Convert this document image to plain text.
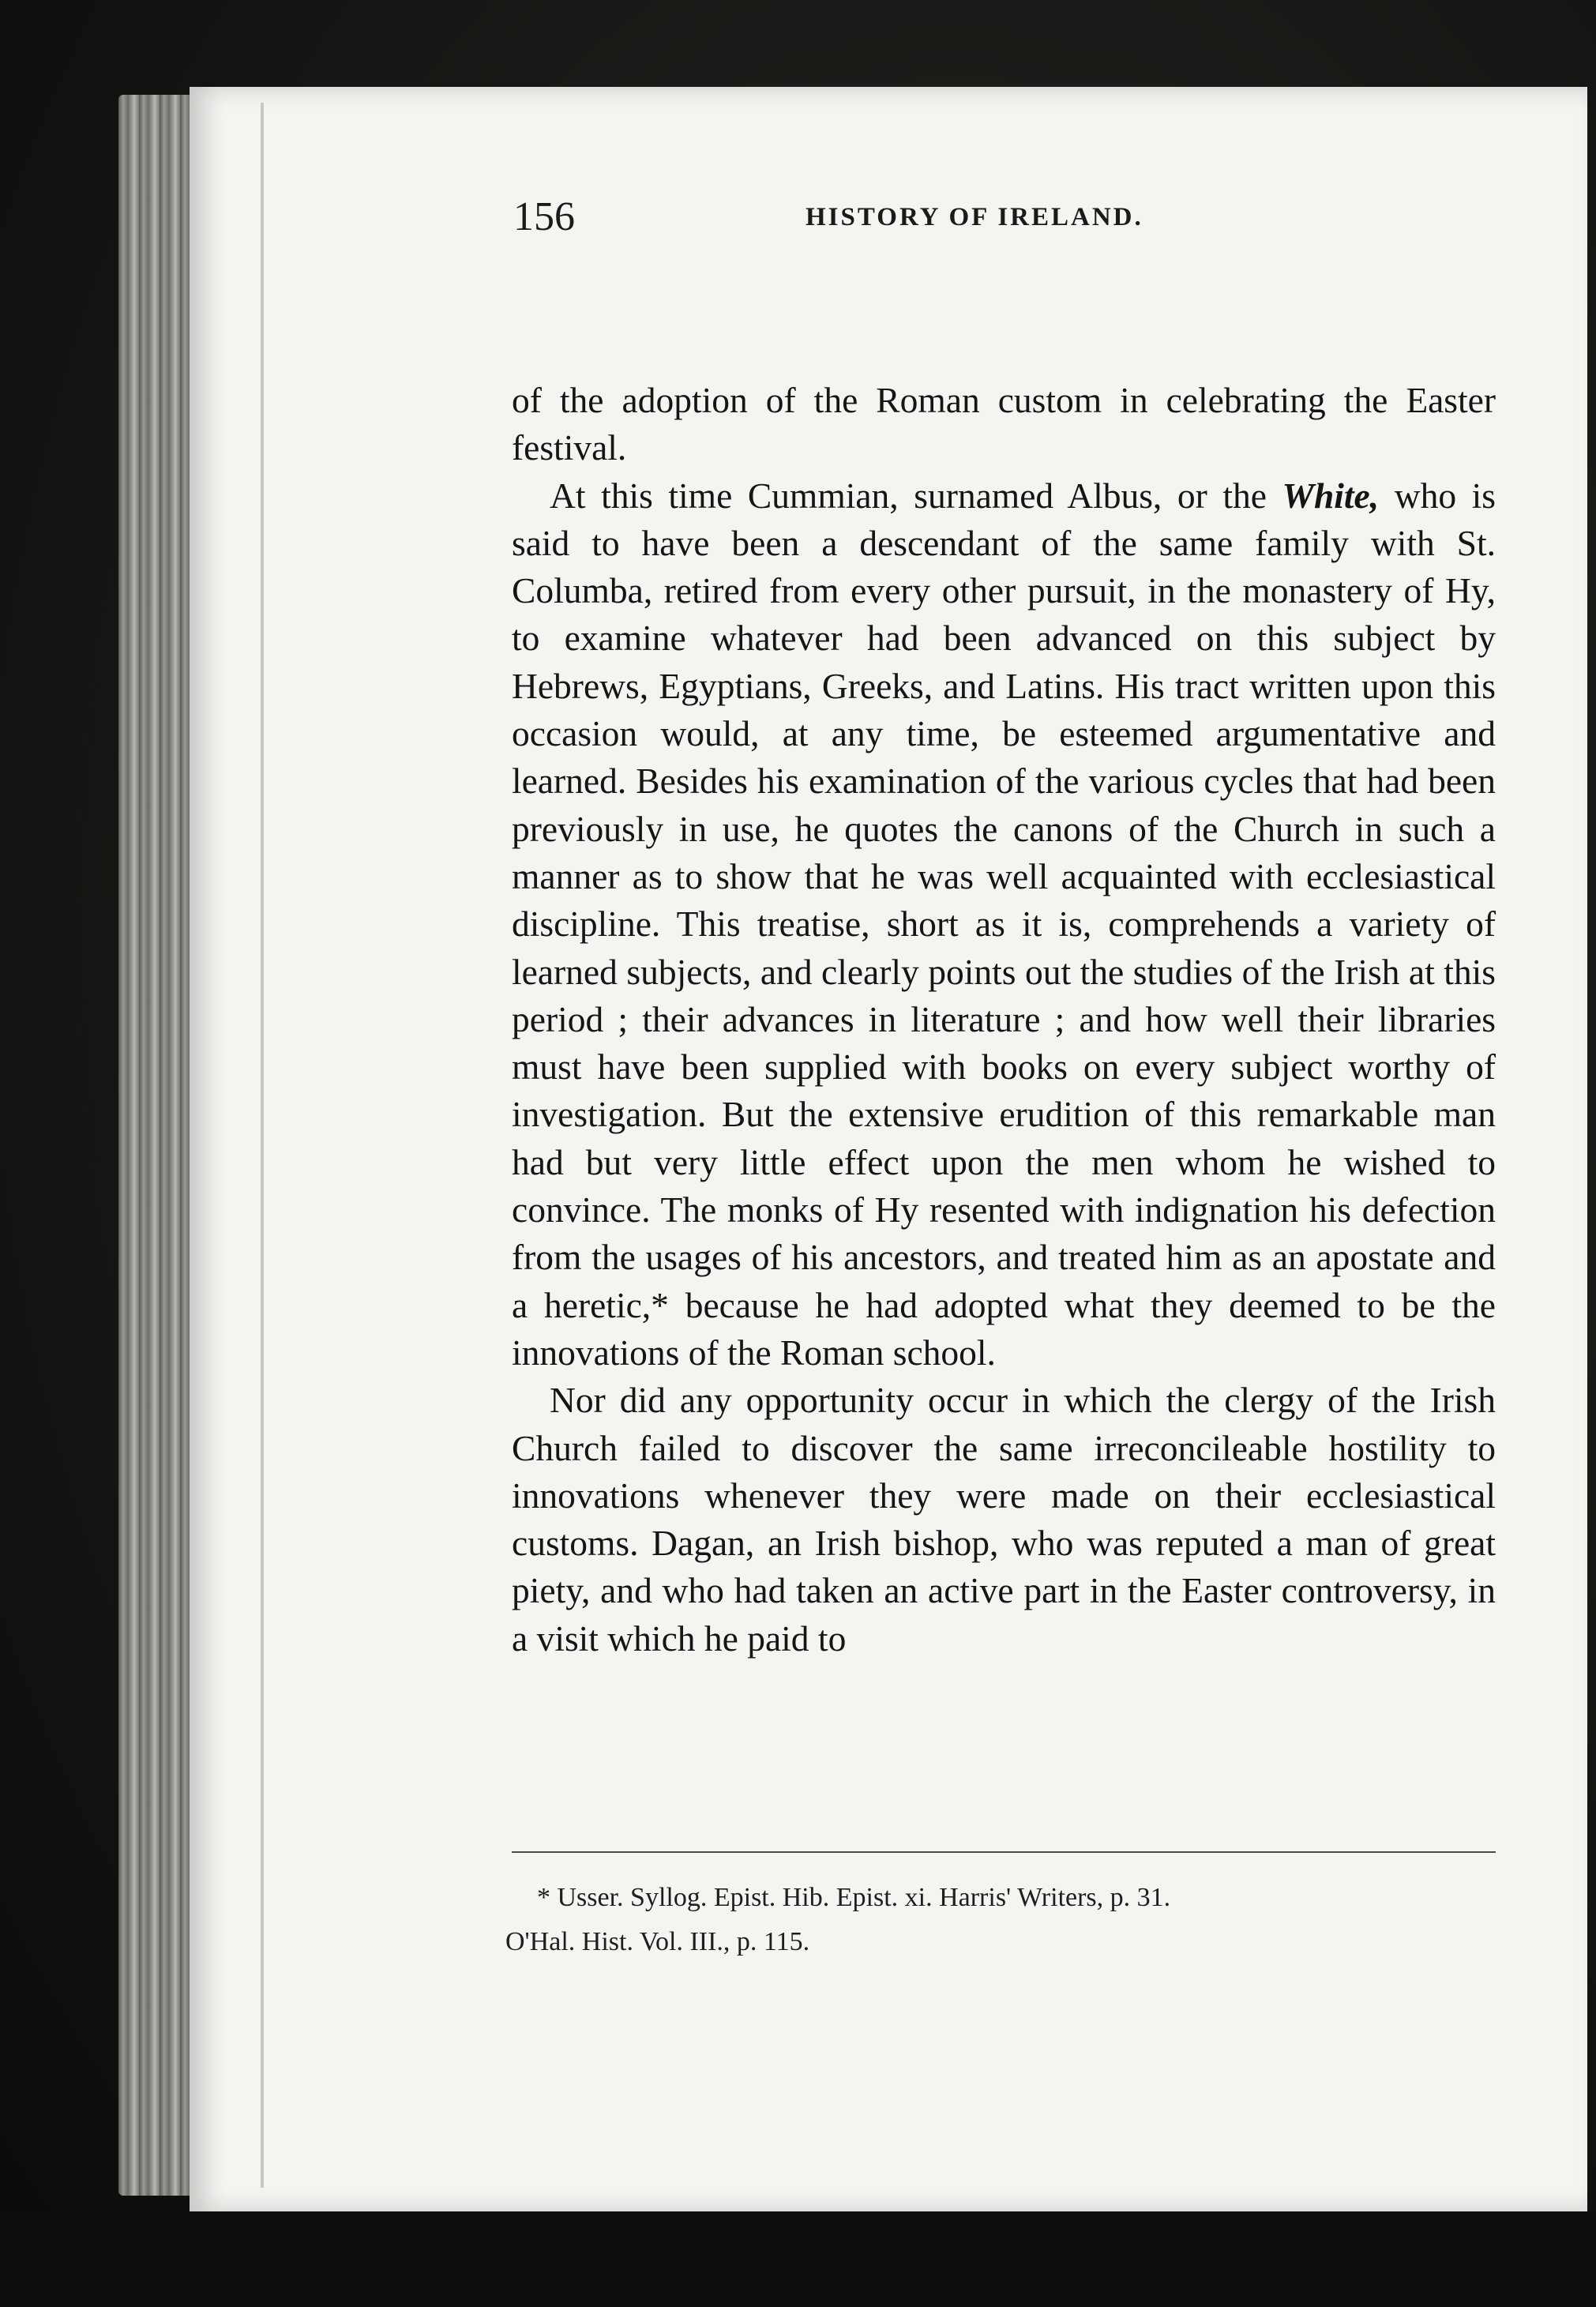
156	HISTORY OF IRELAND.

of the adoption of the Roman custom in celebrating the Easter festival.

At this time Cummian, surnamed Albus, or the White, who is said to have been a descendant of the same family with St. Columba, retired from every other pursuit, in the monastery of Hy, to examine whatever had been advanced on this subject by Hebrews, Egyptians, Greeks, and Latins. His tract written upon this occasion would, at any time, be esteemed argumentative and learned. Besides his examination of the various cycles that had been previously in use, he quotes the canons of the Church in such a manner as to show that he was well acquainted with ecclesiastical discipline. This treatise, short as it is, comprehends a variety of learned subjects, and clearly points out the studies of the Irish at this period ; their advances in literature ; and how well their libraries must have been supplied with books on every subject worthy of investigation. But the extensive erudition of this remarkable man had but very little effect upon the men whom he wished to convince. The monks of Hy resented with indignation his defection from the usages of his ancestors, and treated him as an apostate and a heretic,* because he had adopted what they deemed to be the innovations of the Roman school.

Nor did any opportunity occur in which the clergy of the Irish Church failed to discover the same irreconcileable hostility to innovations whenever they were made on their ecclesiastical customs. Dagan, an Irish bishop, who was reputed a man of great piety, and who had taken an active part in the Easter controversy, in a visit which he paid to

* Usser. Syllog. Epist. Hib. Epist. xi. Harris' Writers, p. 31.

O'Hal. Hist. Vol. III., p. 115.
